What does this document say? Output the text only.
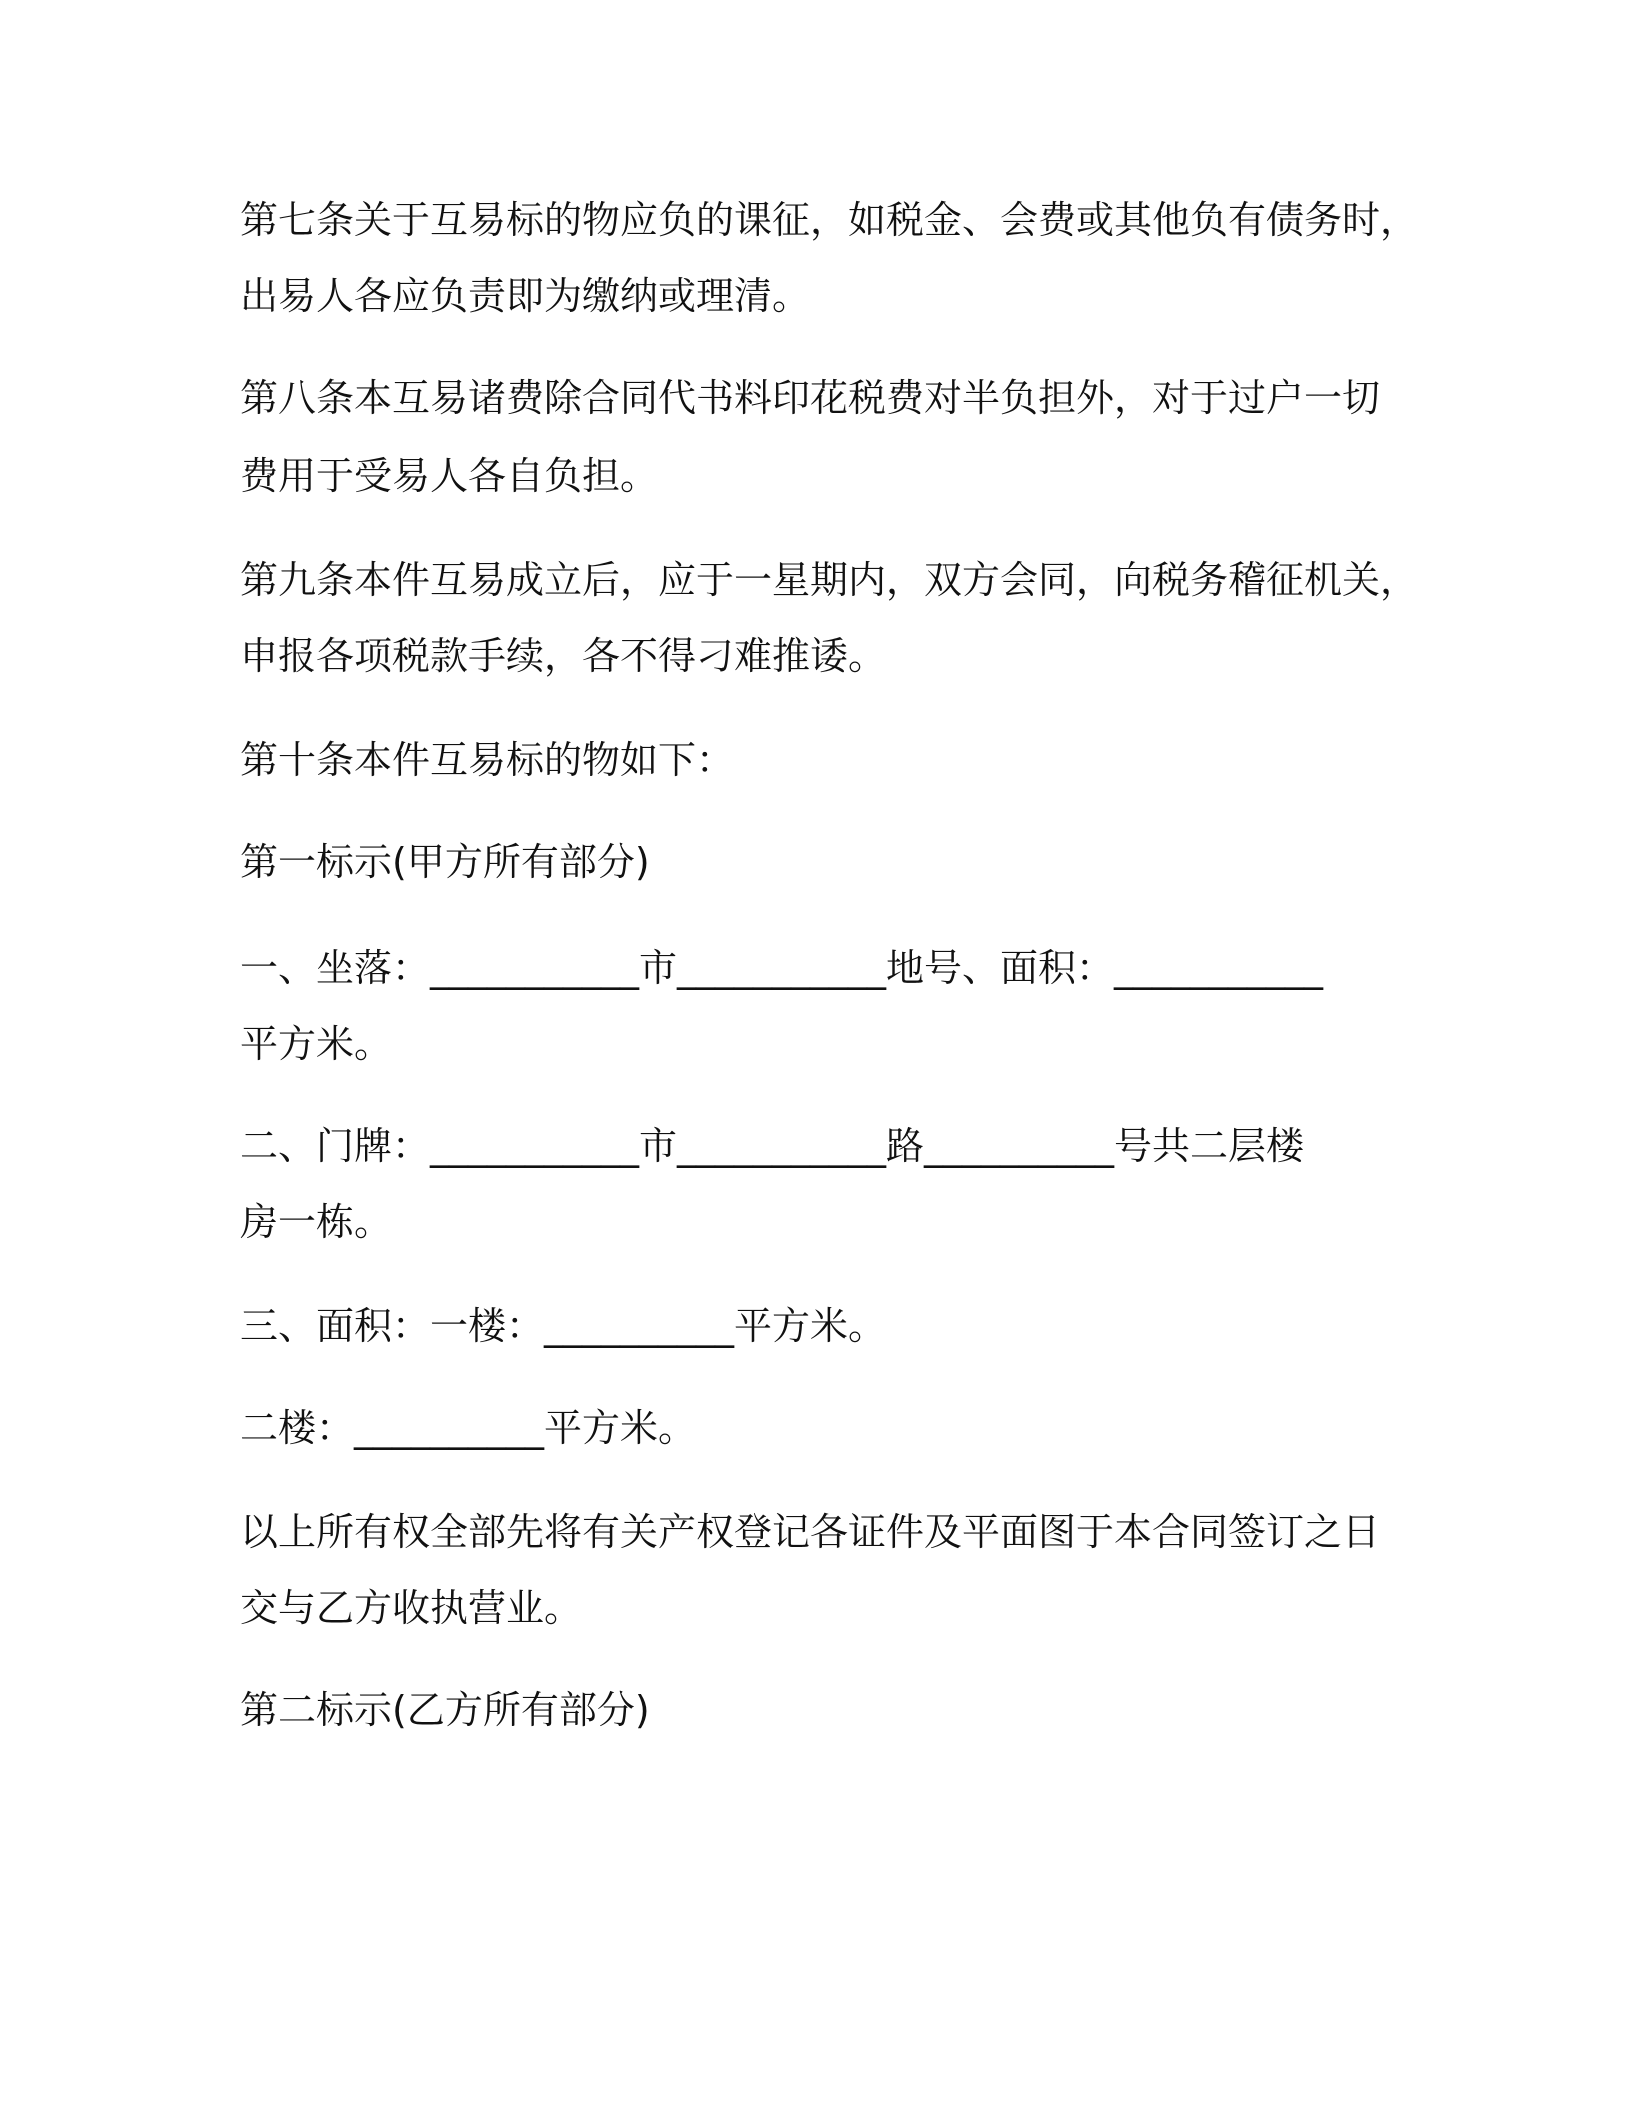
第七条关于互易标的物应负的课征，如税金、会费或其他负有债务时，
出易人各应负责即为缴纳或理清。
第八条本互易诸费除合同代书料印花税费对半负担外，对于过户一切
费用于受易人各自负担。
第九条本件互易成立后，应于一星期内，双方会同，向税务稽征机关，
申报各项税款手续，各不得刁难推诿。
第十条本件互易标的物如下：
第一标示(甲方所有部分)
一、坐落：___________市___________地号、面积：___________
平方米。
二、门牌：___________市___________路__________号共二层楼
房一栋。
三、面积：一楼：__________平方米。
二楼：__________平方米。
以上所有权全部先将有关产权登记各证件及平面图于本合同签订之日
交与乙方收执营业。
第二标示(乙方所有部分)
